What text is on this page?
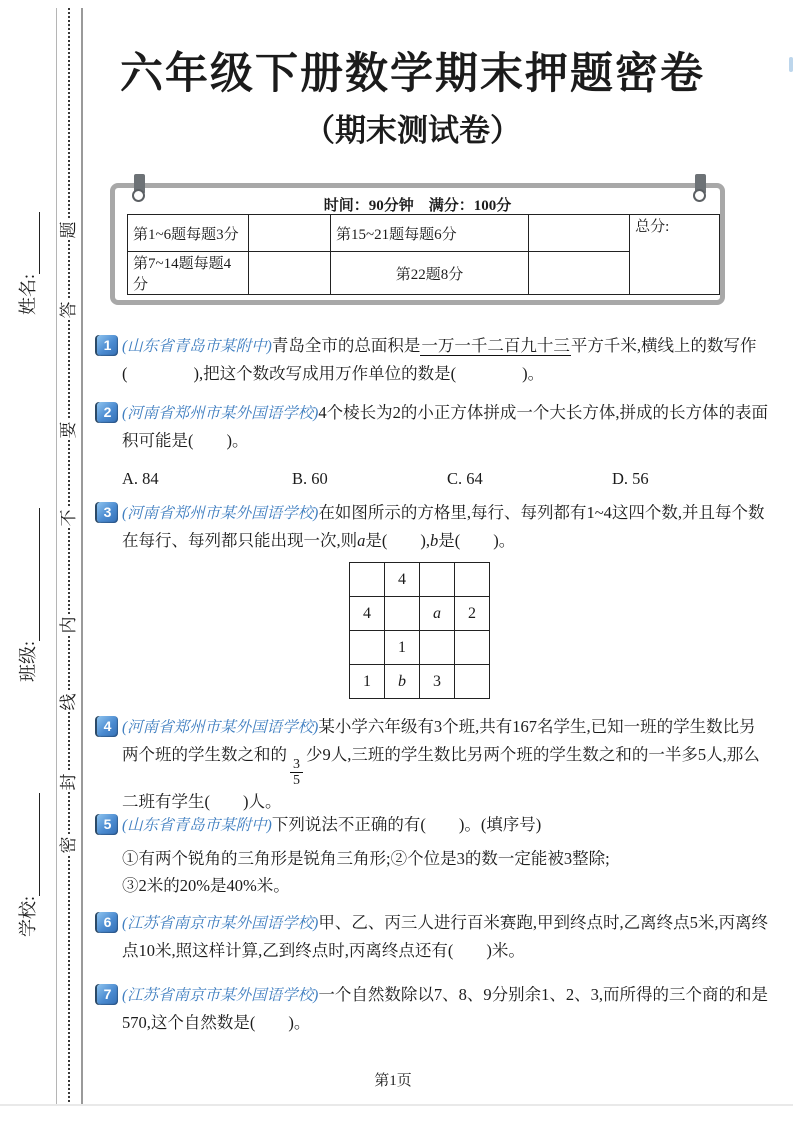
题
答
要
不
内
线
封
密
姓名:
班级:
学校:
六年级下册数学期末押题密卷
（期末测试卷）
时间：90分钟　满分：100分
第1~6题每题3分		第15~21题每题6分		总分:
第7~14题每题4分		第22题8分		
1 (山东省青岛市某附中)青岛全市的总面积是一万一千二百九十三平方千米,横线上的数写作(　　　　),把这个数改写成用万作单位的数是(　　　　)。
2 (河南省郑州市某外国语学校)4个棱长为2的小正方体拼成一个大长方体,拼成的长方体的表面积可能是(　　)。
A. 84	B. 60	C. 64	D. 56
3 (河南省郑州市某外国语学校)在如图所示的方格里,每行、每列都有1~4这四个数,并且每个数在每行、每列都只能出现一次,则a是(　　),b是(　　)。
	4		
4		a	2
	1		
1	b	3	
4 (河南省郑州市某外国语学校)某小学六年级有3个班,共有167名学生,已知一班的学生数比另两个班的学生数之和的
$\frac{3}{5}$
少9人,三班的学生数比另两个班的学生数之和的一半多5人,那么二班有学生(　　)人。
5 (山东省青岛市某附中)下列说法不正确的有(　　)。(填序号)
①有两个锐角的三角形是锐角三角形;②个位是3的数一定能被3整除;
③2米的20%是40%米。
6 (江苏省南京市某外国语学校)甲、乙、丙三人进行百米赛跑,甲到终点时,乙离终点5米,丙离终点10米,照这样计算,乙到终点时,丙离终点还有(　　)米。
7 (江苏省南京市某外国语学校)一个自然数除以7、8、9分别余1、2、3,而所得的三个商的和是570,这个自然数是(　　)。
第1页
